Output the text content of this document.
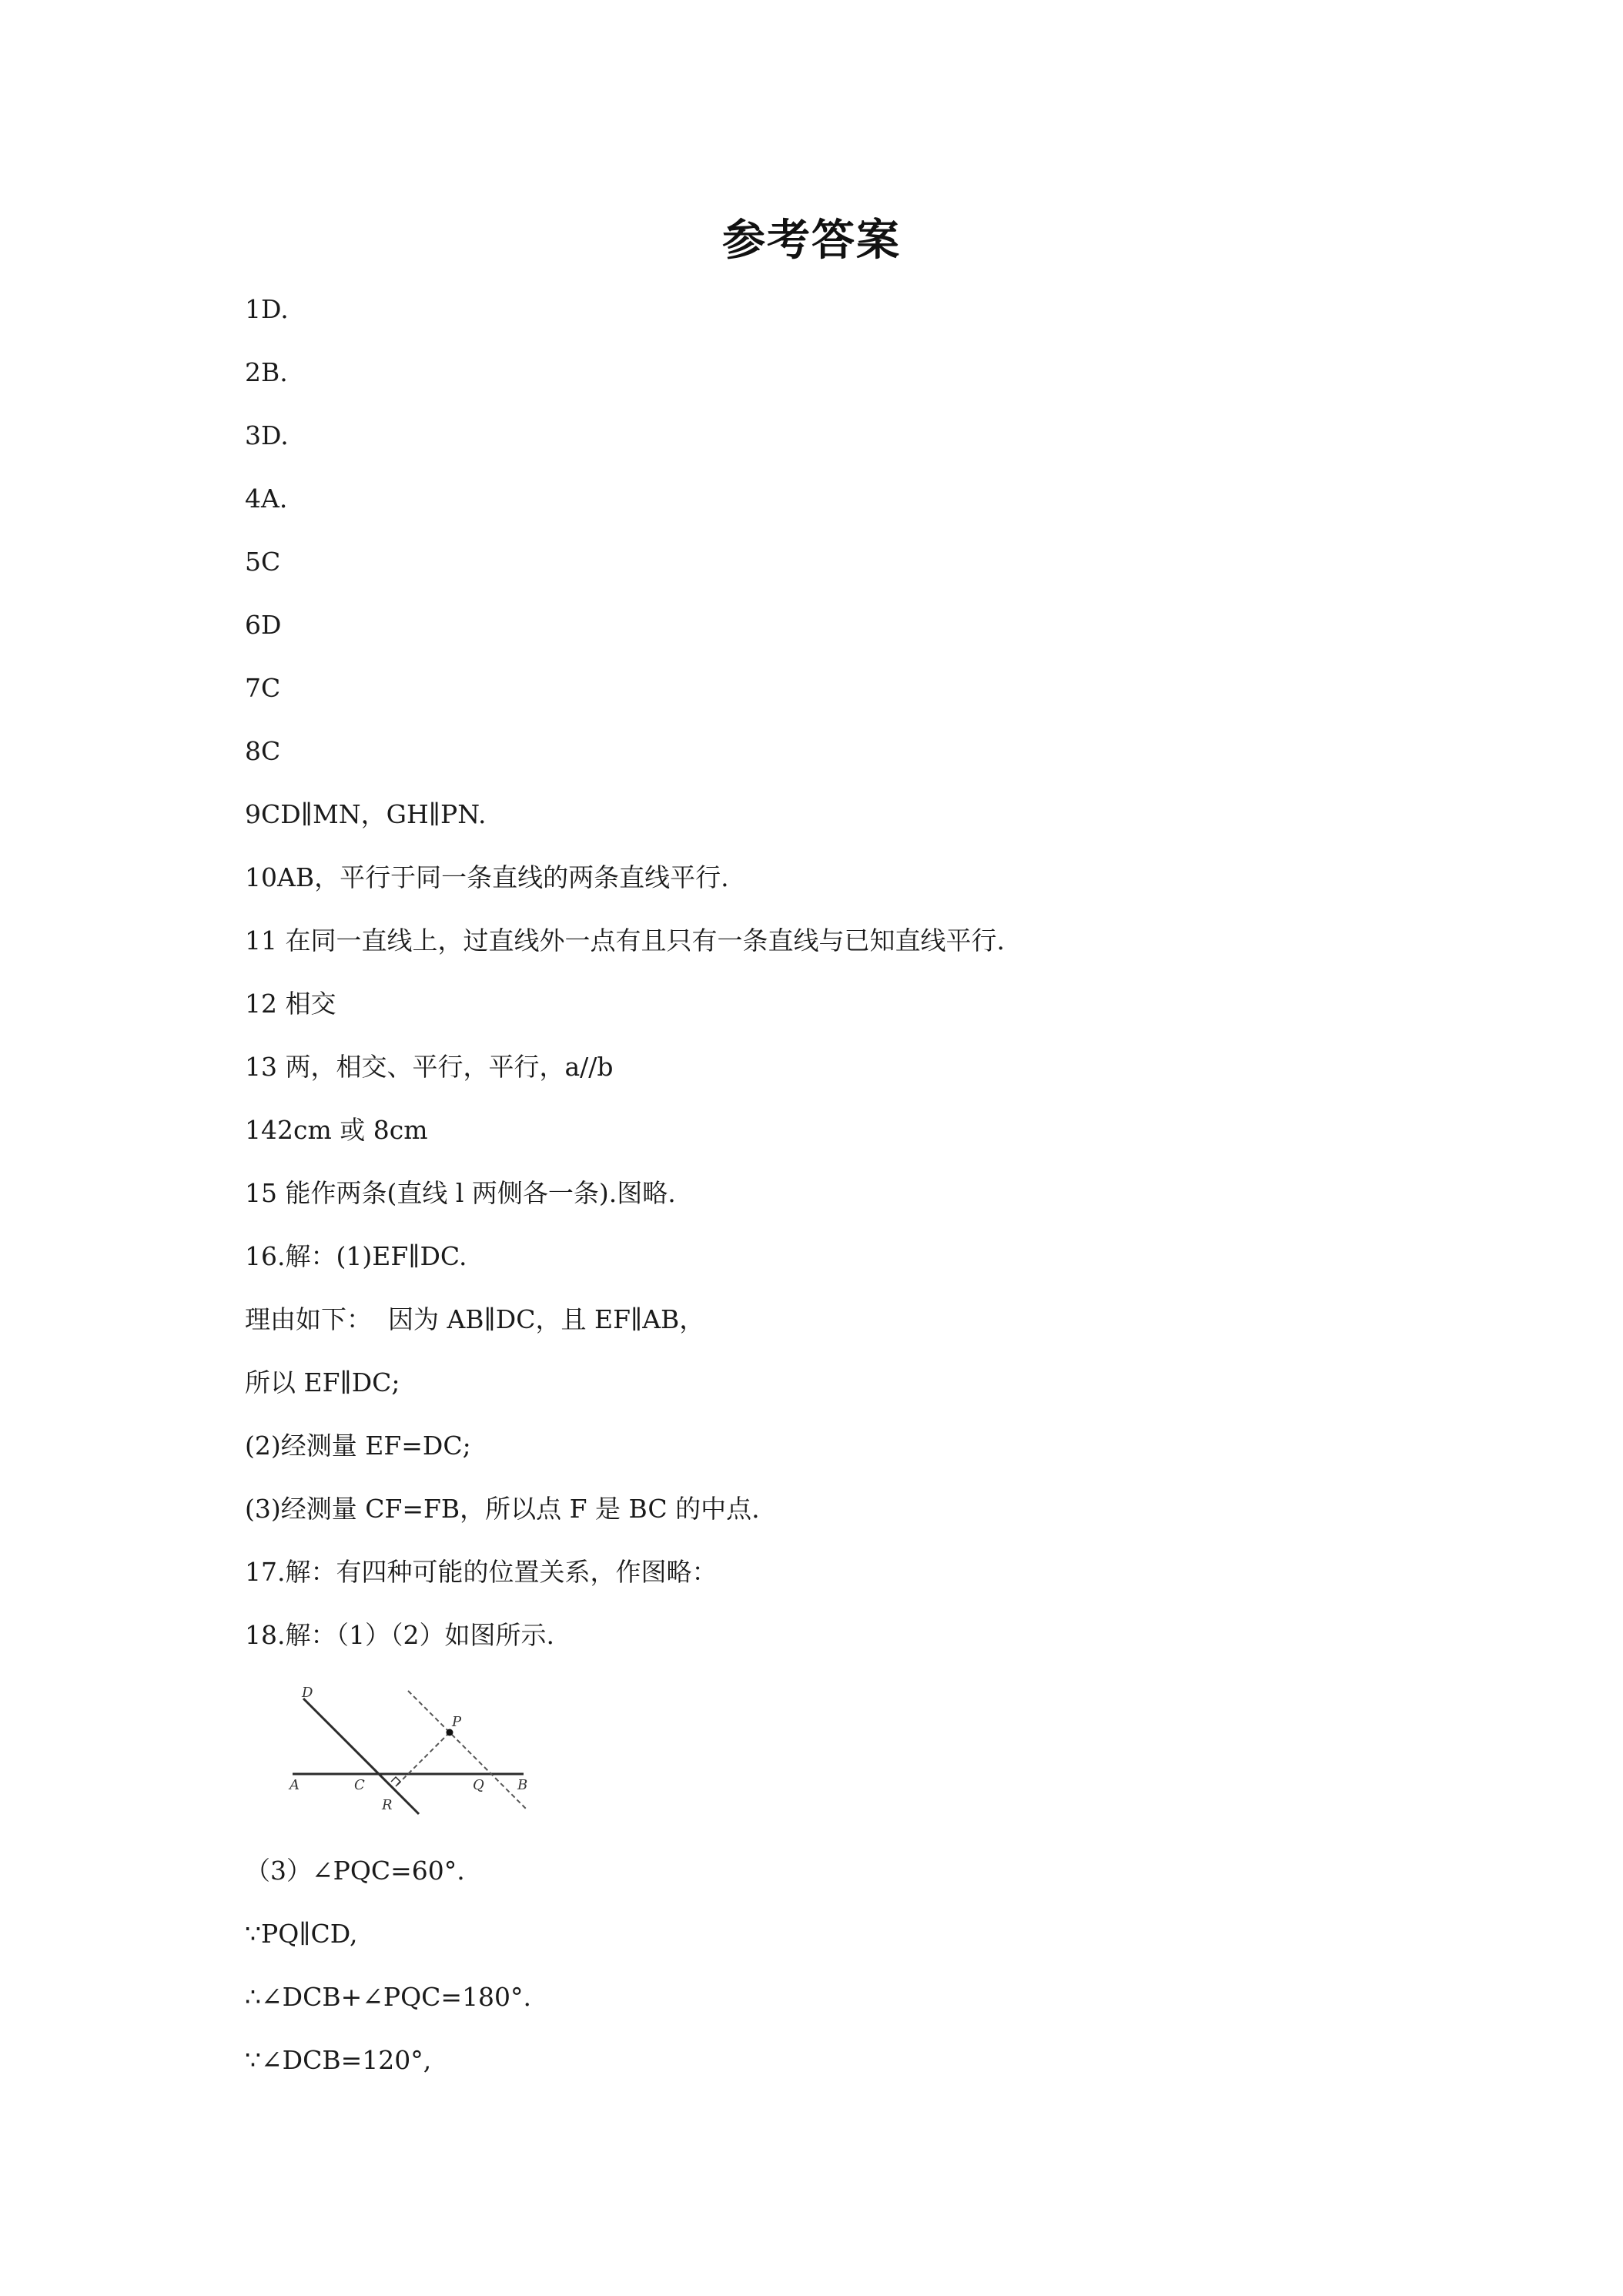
参考答案
1D.
2B.
3D.
4A.
5C
6D
7C
8C
9CD∥MN，GH∥PN.
10AB，平行于同一条直线的两条直线平行.
11 在同一直线上，过直线外一点有且只有一条直线与已知直线平行.
12 相交
13 两，相交、平行，平行，a//b
142cm 或 8cm
15 能作两条(直线 l 两侧各一条).图略.
16.解：(1)EF∥DC.
理由如下：  因为 AB∥DC，且 EF∥AB，
所以 EF∥DC;
(2)经测量 EF=DC;
(3)经测量 CF=FB，所以点 F 是 BC 的中点.
17.解：有四种可能的位置关系，作图略：
18.解：（1）（2）如图所示.
D
P
A	C	Q B
R
（3）∠PQC=60°.
∵PQ∥CD,
∴∠DCB+∠PQC=180°.
∵∠DCB=120°,
